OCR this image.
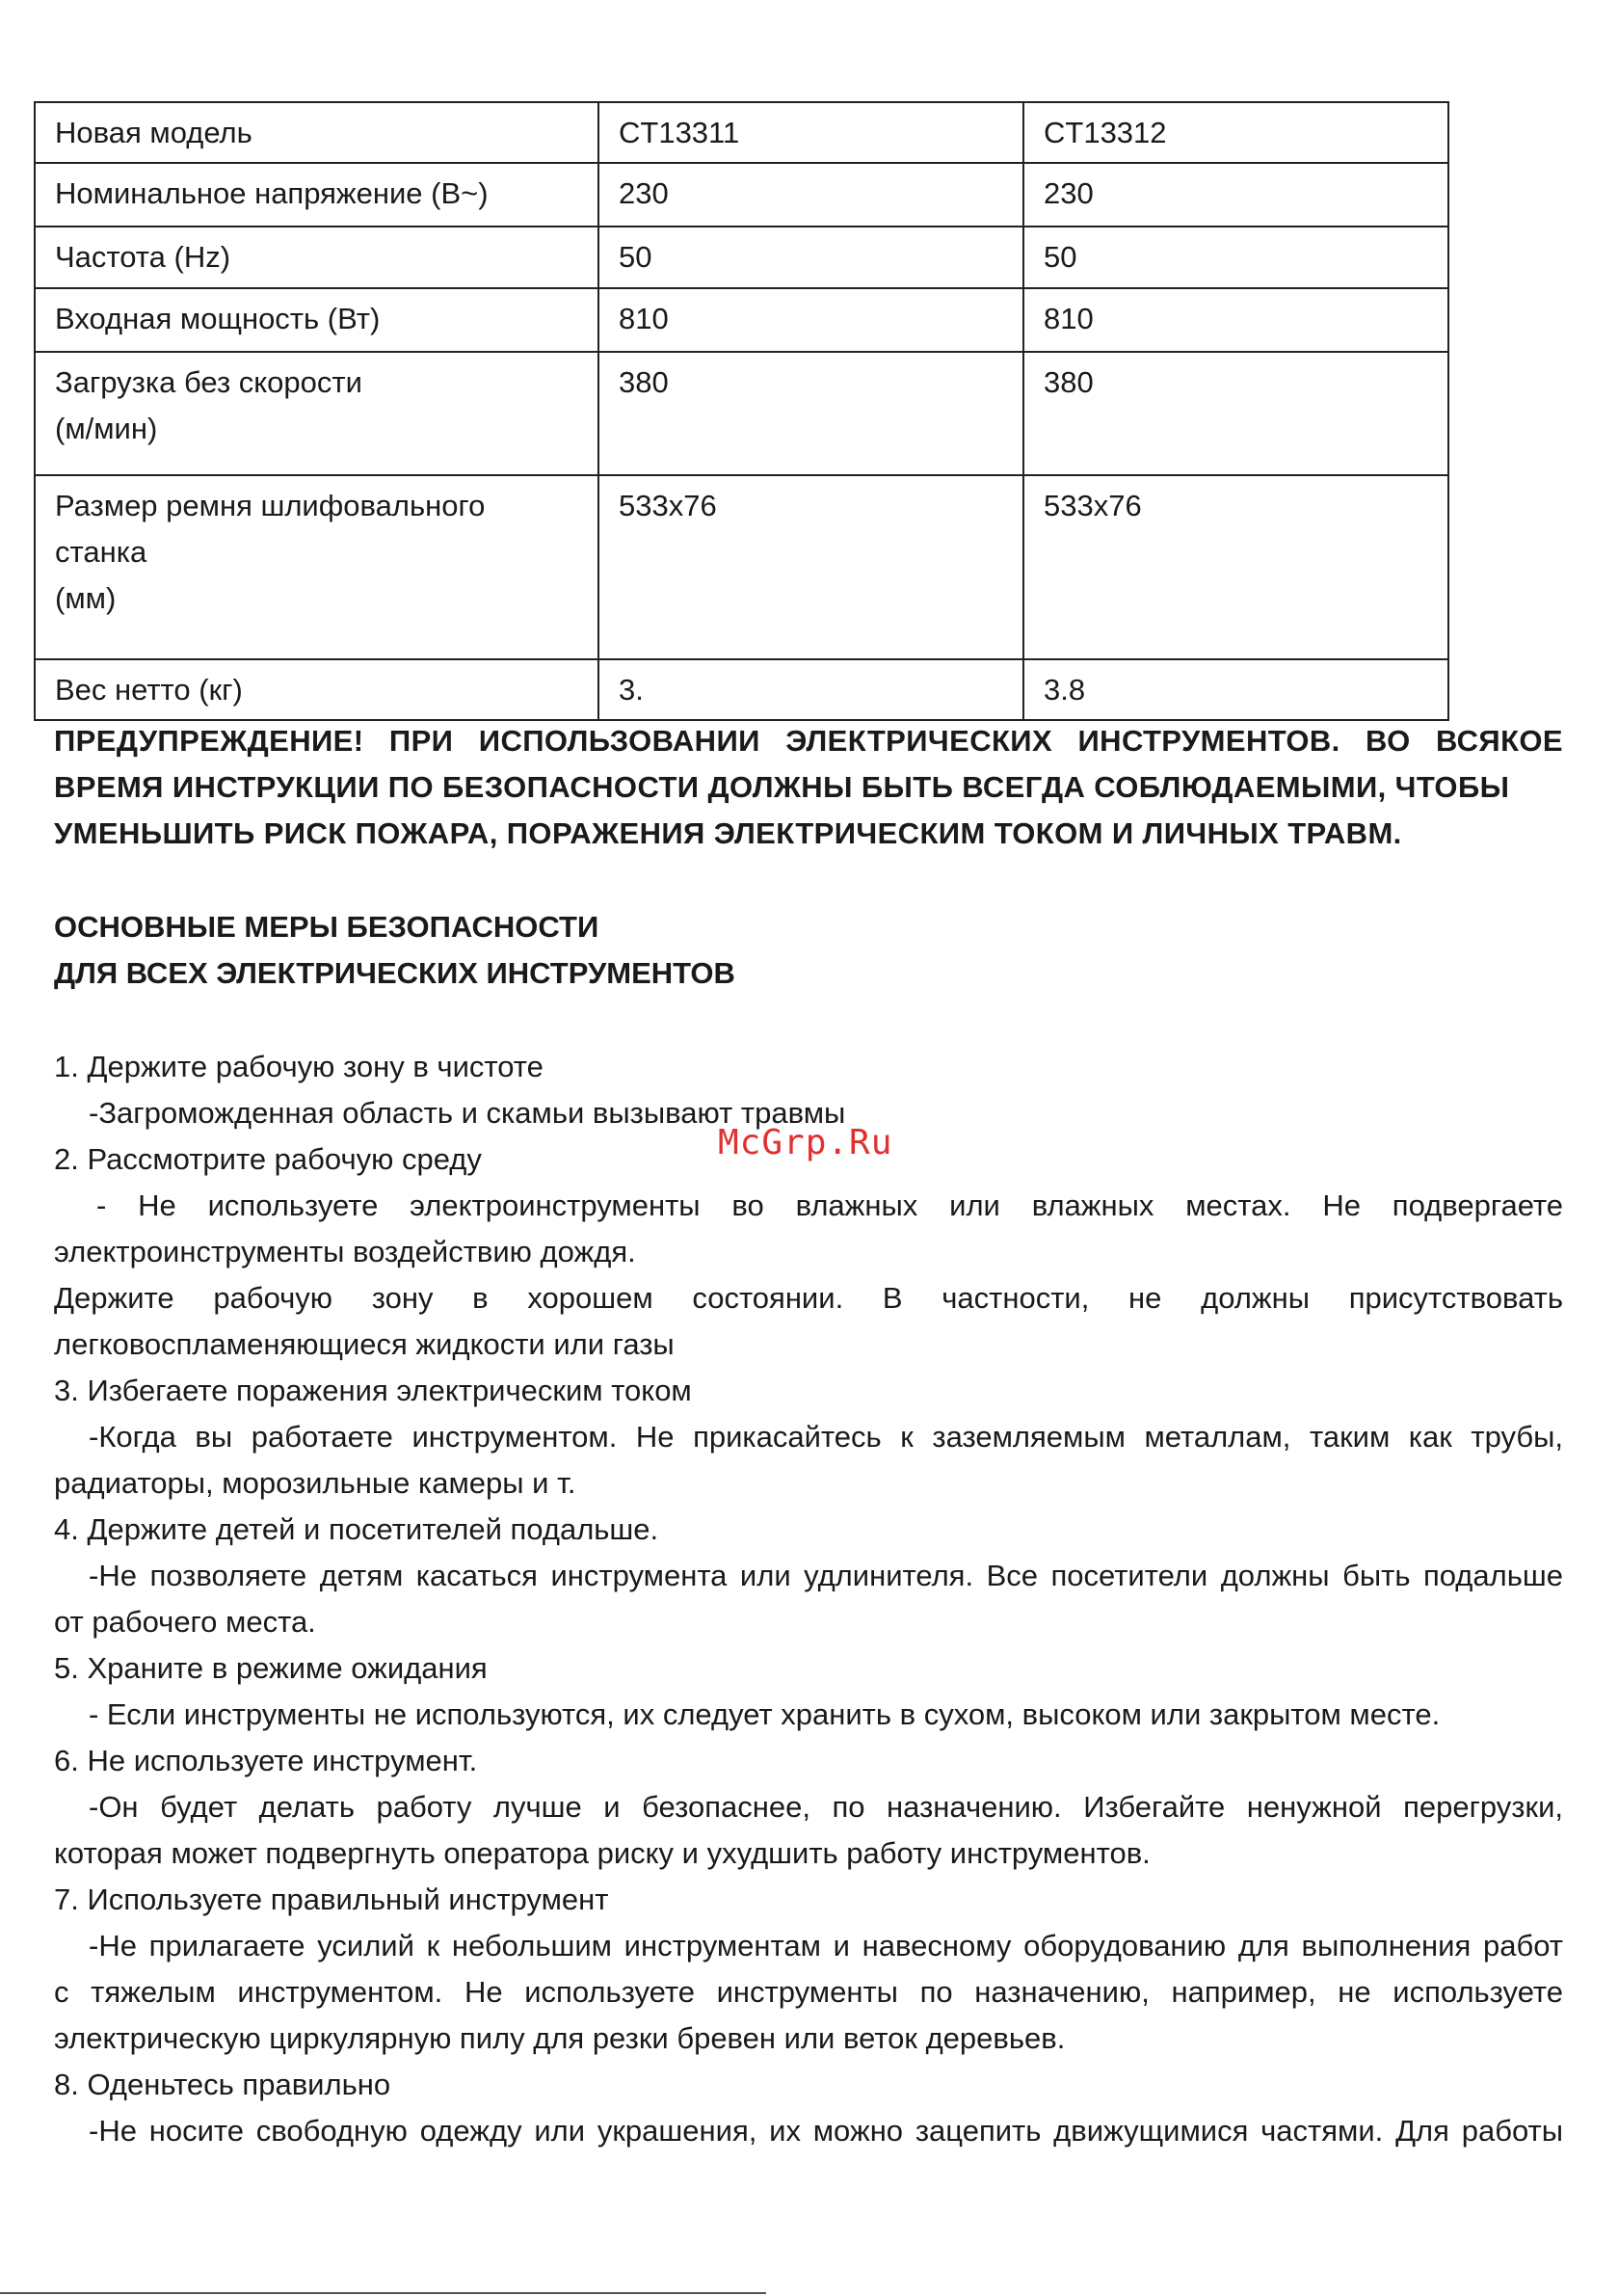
Новая модель	CT13311	CT13312
Номинальное напряжение (В~)	230	230
Частота (Hz)	50	50
Входная мощность (Вт)	810	810
Загрузка без скорости
(м/мин)	380	380

Размер ремня шлифовального
станка
(мм)	533x76	533x76
Вес нетто (кг)	3.	3.8
ПРЕДУПРЕЖДЕНИЕ! ПРИ ИСПОЛЬЗОВАНИИ ЭЛЕКТРИЧЕСКИХ ИНСТРУМЕНТОВ. ВО ВСЯКОЕ ВРЕМЯ ИНСТРУКЦИИ ПО БЕЗОПАСНОСТИ ДОЛЖНЫ БЫТЬ ВСЕГДА СОБЛЮДАЕМЫМИ, ЧТОБЫ
УМЕНЬШИТЬ РИСК ПОЖАРА, ПОРАЖЕНИЯ ЭЛЕКТРИЧЕСКИМ ТОКОМ И ЛИЧНЫХ ТРАВМ.
ОСНОВНЫЕ МЕРЫ БЕЗОПАСНОСТИ
ДЛЯ ВСЕХ ЭЛЕКТРИЧЕСКИХ ИНСТРУМЕНТОВ
McGrp.Ru

1. Держите рабочую зону в чистоте

-Загроможденная область и скамьи вызывают травмы

2. Рассмотрите рабочую среду

- Не используете электроинструменты во влажных или влажных местах. Не подвергаете

электроинструменты воздействию дождя.

Держите рабочую зону в хорошем состоянии. В частности, не должны присутствовать

легковоспламеняющиеся жидкости или газы

3. Избегаете поражения электрическим током

-Когда вы работаете инструментом. Не прикасайтесь к заземляемым металлам, таким как трубы,

радиаторы, морозильные камеры и т.

4. Держите детей и посетителей подальше.

-Не позволяете детям касаться инструмента или удлинителя. Все посетители должны быть подальше

от рабочего места.

5. Храните в режиме ожидания

- Если инструменты не используются, их следует хранить в сухом, высоком или закрытом месте.

6. Не используете инструмент.

-Он будет делать работу лучше и безопаснее, по назначению. Избегайте ненужной перегрузки,

которая может подвергнуть оператора риску и ухудшить работу инструментов.

7. Используете правильный инструмент

-Не прилагаете усилий к небольшим инструментам и навесному оборудованию для выполнения работ

с тяжелым инструментом. Не используете инструменты по назначению, например, не используете

электрическую циркулярную пилу для резки бревен или веток деревьев.

8. Оденьтесь правильно

-Не носите свободную одежду или украшения, их можно зацепить движущимися частями. Для работы
